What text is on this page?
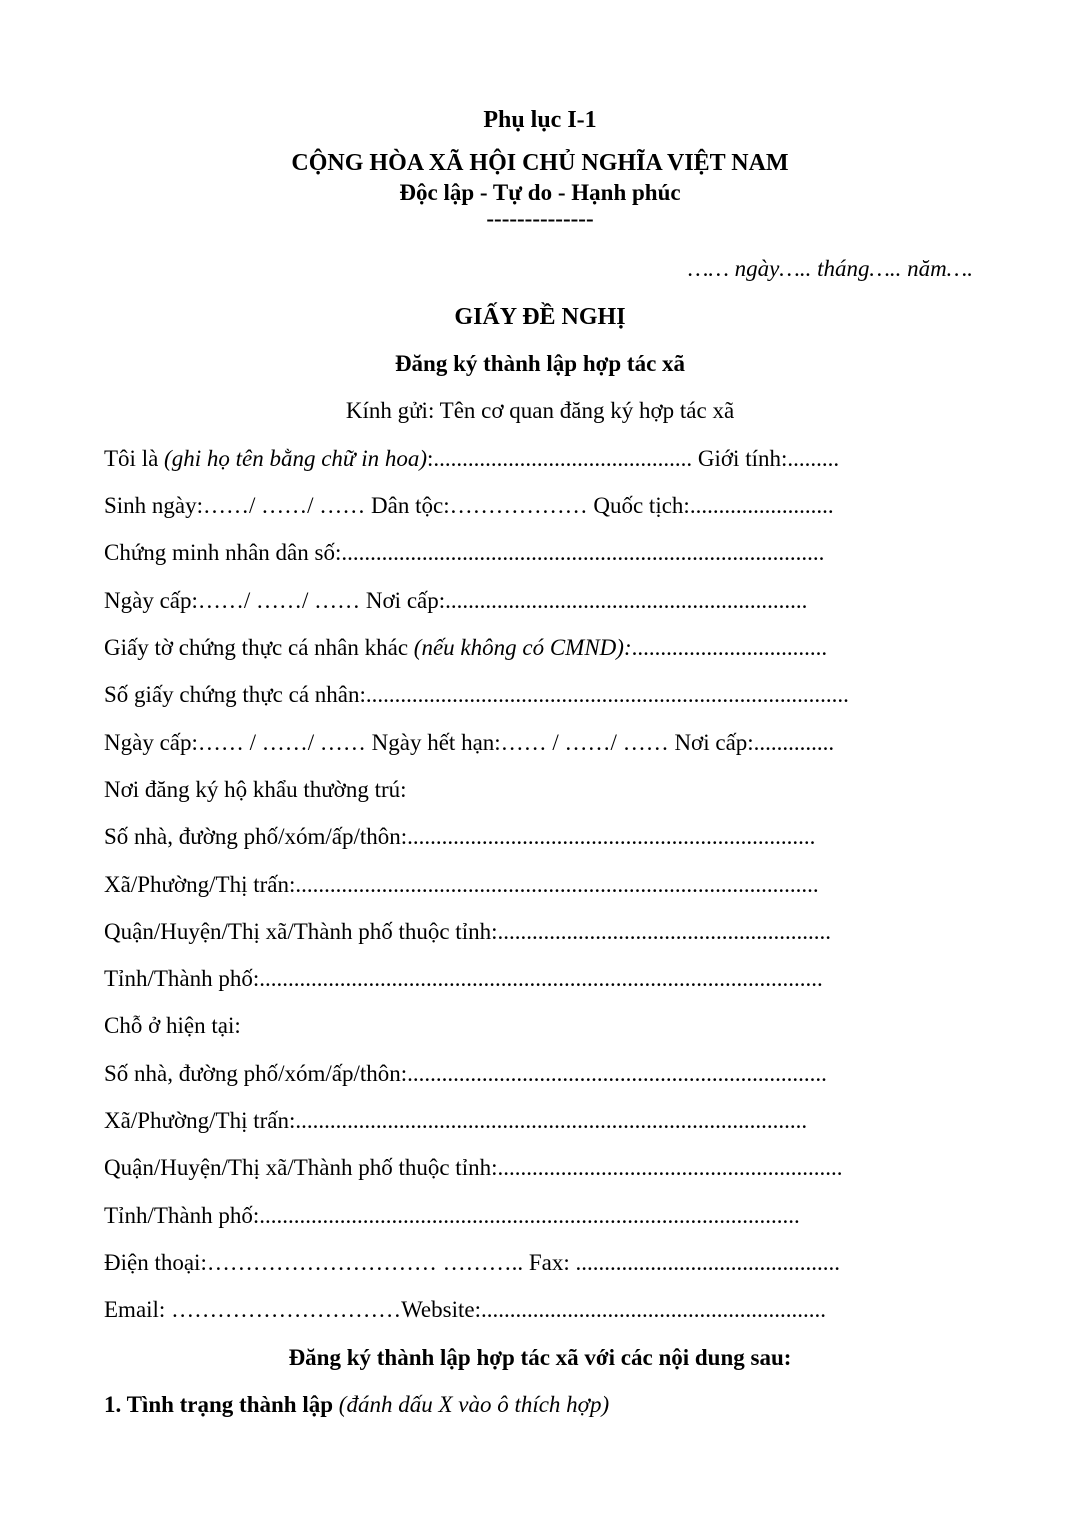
Phụ lục I-1
CỘNG HÒA XÃ HỘI CHỦ NGHĨA VIỆT NAM
Độc lập - Tự do - Hạnh phúc
--------------
…… ngày….. tháng….. năm….
GIẤY ĐỀ NGHỊ
Đăng ký thành lập hợp tác xã
Kính gửi: Tên cơ quan đăng ký hợp tác xã
Tôi là (ghi họ tên bằng chữ in hoa):............................................. Giới tính:.........
Sinh ngày:……/ ……/ …… Dân tộc:……………… Quốc tịch:.........................
Chứng minh nhân dân số:....................................................................................
Ngày cấp:……/ ……/ …… Nơi cấp:...............................................................
Giấy tờ chứng thực cá nhân khác (nếu không có CMND):..................................
Số giấy chứng thực cá nhân:....................................................................................
Ngày cấp:…… / ……/ …… Ngày hết hạn:…… / ……/ …… Nơi cấp:..............
Nơi đăng ký hộ khẩu thường trú:
Số nhà, đường phố/xóm/ấp/thôn:.......................................................................
Xã/Phường/Thị trấn:...........................................................................................
Quận/Huyện/Thị xã/Thành phố thuộc tỉnh:..........................................................
Tỉnh/Thành phố:..................................................................................................
Chỗ ở hiện tại:
Số nhà, đường phố/xóm/ấp/thôn:.........................................................................
Xã/Phường/Thị trấn:.........................................................................................
Quận/Huyện/Thị xã/Thành phố thuộc tỉnh:............................................................
Tỉnh/Thành phố:..............................................................................................
Điện thoại:………………………… ……….. Fax: ..............................................
Email: …………………………Website:............................................................
Đăng ký thành lập hợp tác xã với các nội dung sau:
1. Tình trạng thành lập (đánh dấu X vào ô thích hợp)
